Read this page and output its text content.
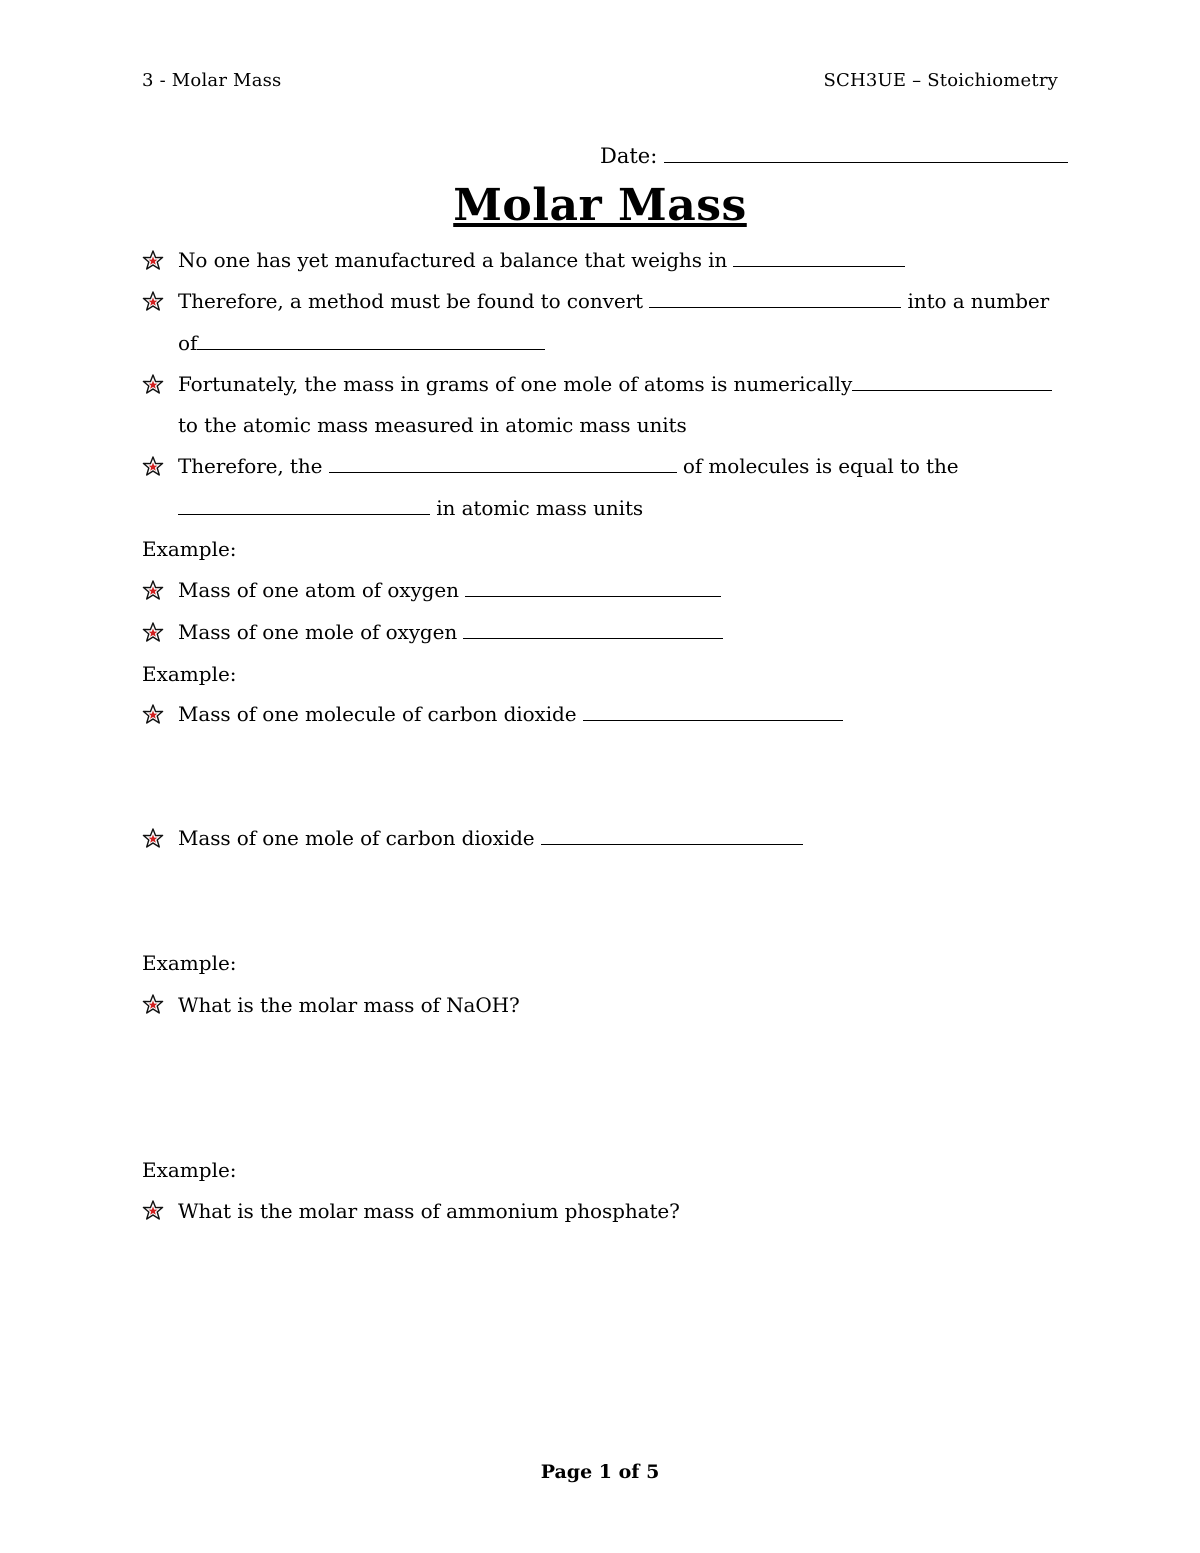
3 - Molar Mass	SCH3UE – Stoichiometry
Date:
Molar Mass
No one has yet manufactured a balance that weighs in
Therefore, a method must be found to convert	into a number
of
Fortunately, the mass in grams of one mole of atoms is numerically
to the atomic mass measured in atomic mass units
Therefore, the	of molecules is equal to the
in atomic mass units
Example:
Mass of one atom of oxygen
Mass of one mole of oxygen
Example:
Mass of one molecule of carbon dioxide
Mass of one mole of carbon dioxide
Example:
What is the molar mass of NaOH?
Example:
What is the molar mass of ammonium phosphate?
Page 1 of 5
